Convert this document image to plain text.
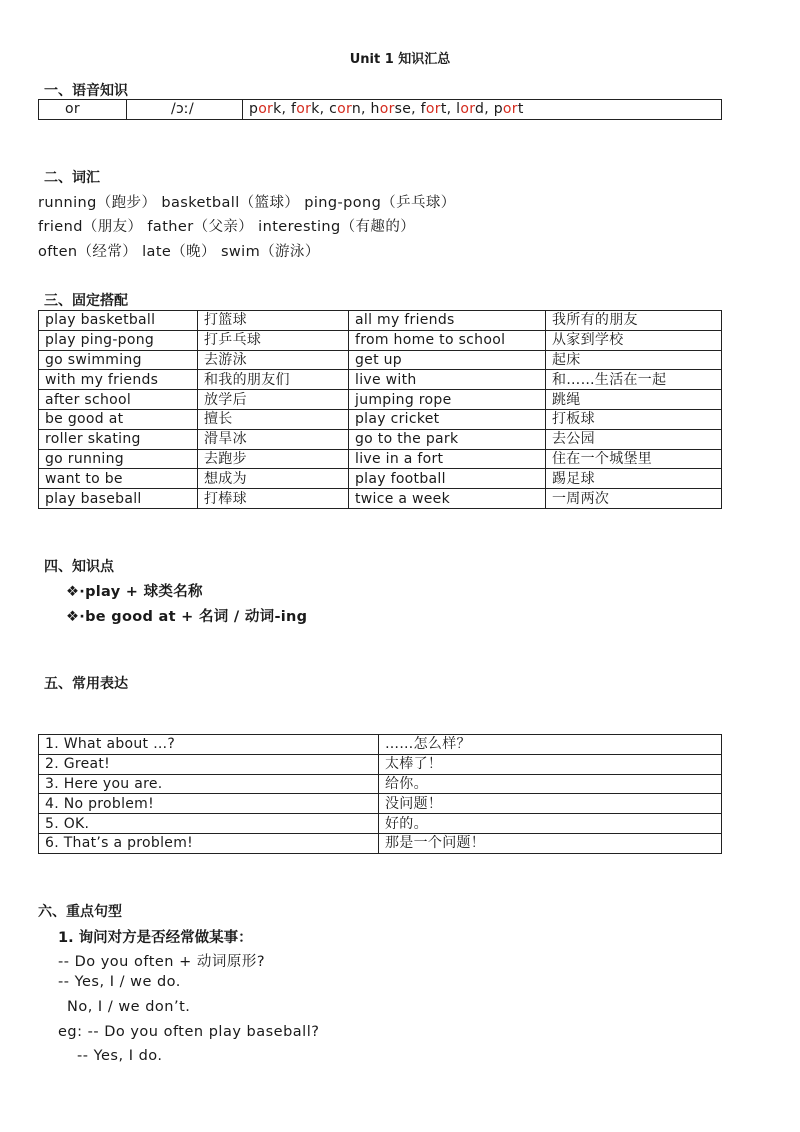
Unit 1 知识汇总
一、语音知识
or	/ɔː/	pork, fork, corn, horse, fort, lord, port
二、词汇
running（跑步） basketball（篮球） ping-pong（乒乓球）
friend（朋友） father（父亲） interesting（有趣的）
often（经常） late（晚） swim（游泳）
三、固定搭配
play basketball	打篮球	all my friends	我所有的朋友
play ping-pong	打乒乓球	from home to school	从家到学校
go swimming	去游泳	get up	起床
with my friends	和我的朋友们	live with	和……生活在一起
after school	放学后	jumping rope	跳绳
be good at	擅长	play cricket	打板球
roller skating	滑旱冰	go to the park	去公园
go running	去跑步	live in a fort	住在一个城堡里
want to be	想成为	play football	踢足球
play baseball	打棒球	twice a week	一周两次
四、知识点
❖·play + 球类名称
❖·be good at + 名词 / 动词-ing
五、常用表达
1. What about …?	……怎么样？
2. Great!	太棒了！
3. Here you are.	给你。
4. No problem!	没问题！
5. OK.	好的。
6. That’s a problem!	那是一个问题！
六、重点句型
1. 询问对方是否经常做某事：
-- Do you often + 动词原形?
-- Yes, I / we do.
No, I / we don’t.
eg: -- Do you often play baseball?
-- Yes, I do.
